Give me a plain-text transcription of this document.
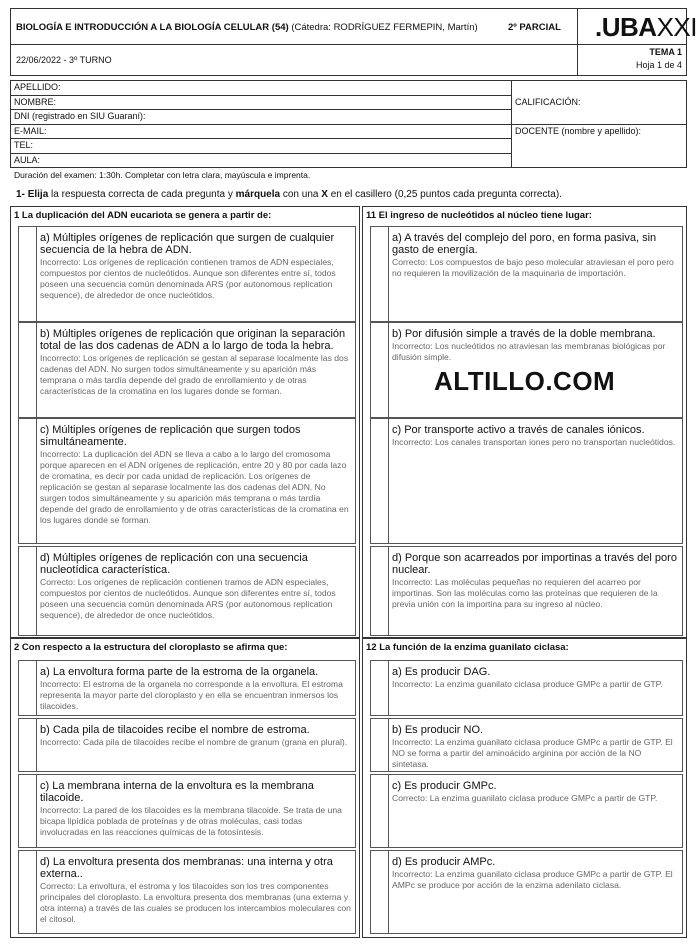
BIOLOGÍA E INTRODUCCIÓN A LA BIOLOGÍA CELULAR (54) (Cátedra: RODRÍGUEZ FERMEPIN, Martín)	2º PARCIAL .UBAXXI
22/06/2022 - 3º TURNO
TEMA 1
Hoja 1 de 4
APELLIDO:
NOMBRE:
DNI (registrado en SIU Guaraní):
E-MAIL:
TEL:
AULA:
CALIFICACIÓN:
DOCENTE (nombre y apellido):
Duración del examen: 1:30h. Completar con letra clara, mayúscula e imprenta.
1- Elija la respuesta correcta de cada pregunta y márquela con una X en el casillero (0,25 puntos cada pregunta correcta).
1 La duplicación del ADN eucariota se genera a partir de:
a) Múltiples orígenes de replicación que surgen de cualquier secuencia de la hebra de ADN.
Incorrecto: Los orígenes de replicación contienen tramos de ADN especiales, compuestos por cientos de nucleótidos. Aunque son diferentes entre sí, todos poseen una secuencia común denominada ARS (por autonomous replication sequence), de alrededor de once nucleótidos.
b) Múltiples orígenes de replicación que originan la separación total de las dos cadenas de ADN a lo largo de toda la hebra.
Incorrecto: Los orígenes de replicación se gestan al separase localmente las dos cadenas del ADN. No surgen todos simultáneamente y su aparición más temprana o más tardía depende del grado de enrollamiento y de otras características de la cromatina en los lugares donde se forman.
c) Múltiples orígenes de replicación que surgen todos simultáneamente.
Incorrecto: La duplicación del ADN se lleva a cabo a lo largo del cromosoma porque aparecen en el ADN orígenes de replicación, entre 20 y 80 por cada lazo de cromatina, es decir por cada unidad de replicación. Los orígenes de replicación se gestan al separase localmente las dos cadenas del ADN. No surgen todos simultáneamente y su aparición más temprana o más tardía depende del grado de enrollamiento y de otras características de la cromatina en los lugares donde se forman.
d) Múltiples orígenes de replicación con una secuencia nucleotídica característica.
Correcto: Los orígenes de replicación contienen tramos de ADN especiales, compuestos por cientos de nucleótidos. Aunque son diferentes entre sí, todos poseen una secuencia común denominada ARS (por autonomous replication sequence), de alrededor de once nucleótidos.
11 El ingreso de nucleótidos al núcleo tiene lugar:
a) A través del complejo del poro, en forma pasiva, sin gasto de energía.
Correcto: Los compuestos de bajo peso molecular atraviesan el poro pero no requieren la movilización de la maquinaria de importación.
b) Por difusión simple a través de la doble membrana.
Incorrecto: Los nucleótidos no atraviesan las membranas biológicas por difusión simple.
c) Por transporte activo a través de canales iónicos.
Incorrecto: Los canales transportan iones pero no transportan nucleótidos.
d) Porque son acarreados por importinas a través del poro nuclear.
Incorrecto: Las moléculas pequeñas no requieren del acarreo por importinas. Son las moléculas como las proteínas que requieren de la previa unión con la importina para su ingreso al núcleo.
2 Con respecto a la estructura del cloroplasto se afirma que:
a) La envoltura forma parte de la estroma de la organela.
Incorrecto: El estroma de la organela no corresponde a la envoltura. El estroma representa la mayor parte del cloroplasto y en ella se encuentran inmersos los tilacoides.
b) Cada pila de tilacoides recibe el nombre de estroma.
Incorrecto: Cada pila de tilacoides recibe el nombre de granum (grana en plural).
c) La membrana interna de la envoltura es la membrana tilacoide.
Incorrecto: La pared de los tilacoides es la membrana tilacoide. Se trata de una bicapa lipídica poblada de proteínas y de otras moléculas, casi todas involucradas en las reacciones químicas de la fotosíntesis.
d) La envoltura presenta dos membranas: una interna y otra externa..
Correcto: La envoltura, el estroma y los tilacoides son los tres componentes principales del cloroplasto. La envoltura presenta dos membranas (una externa y otra interna) a través de las cuales se producen los intercambios moleculares con el citosol.
12 La función de la enzima guanilato ciclasa:
a) Es producir DAG.
Incorrecto: La enzima guanilato ciclasa produce GMPc a partir de GTP.
b) Es producir NO.
Incorrecto: La enzima guanilato ciclasa produce GMPc a partir de GTP. El NO se forma a partir del aminoácido arginina por acción de la NO sintetasa.
c) Es producir GMPc.
Correcto: La enzima guanilato ciclasa produce GMPc a partir de GTP.
d) Es producir AMPc.
Incorrecto: La enzima guanilato ciclasa produce GMPc a partir de GTP. El AMPc se produce por acción de la enzima adenilato ciclasa.
ALTILLO.COM
